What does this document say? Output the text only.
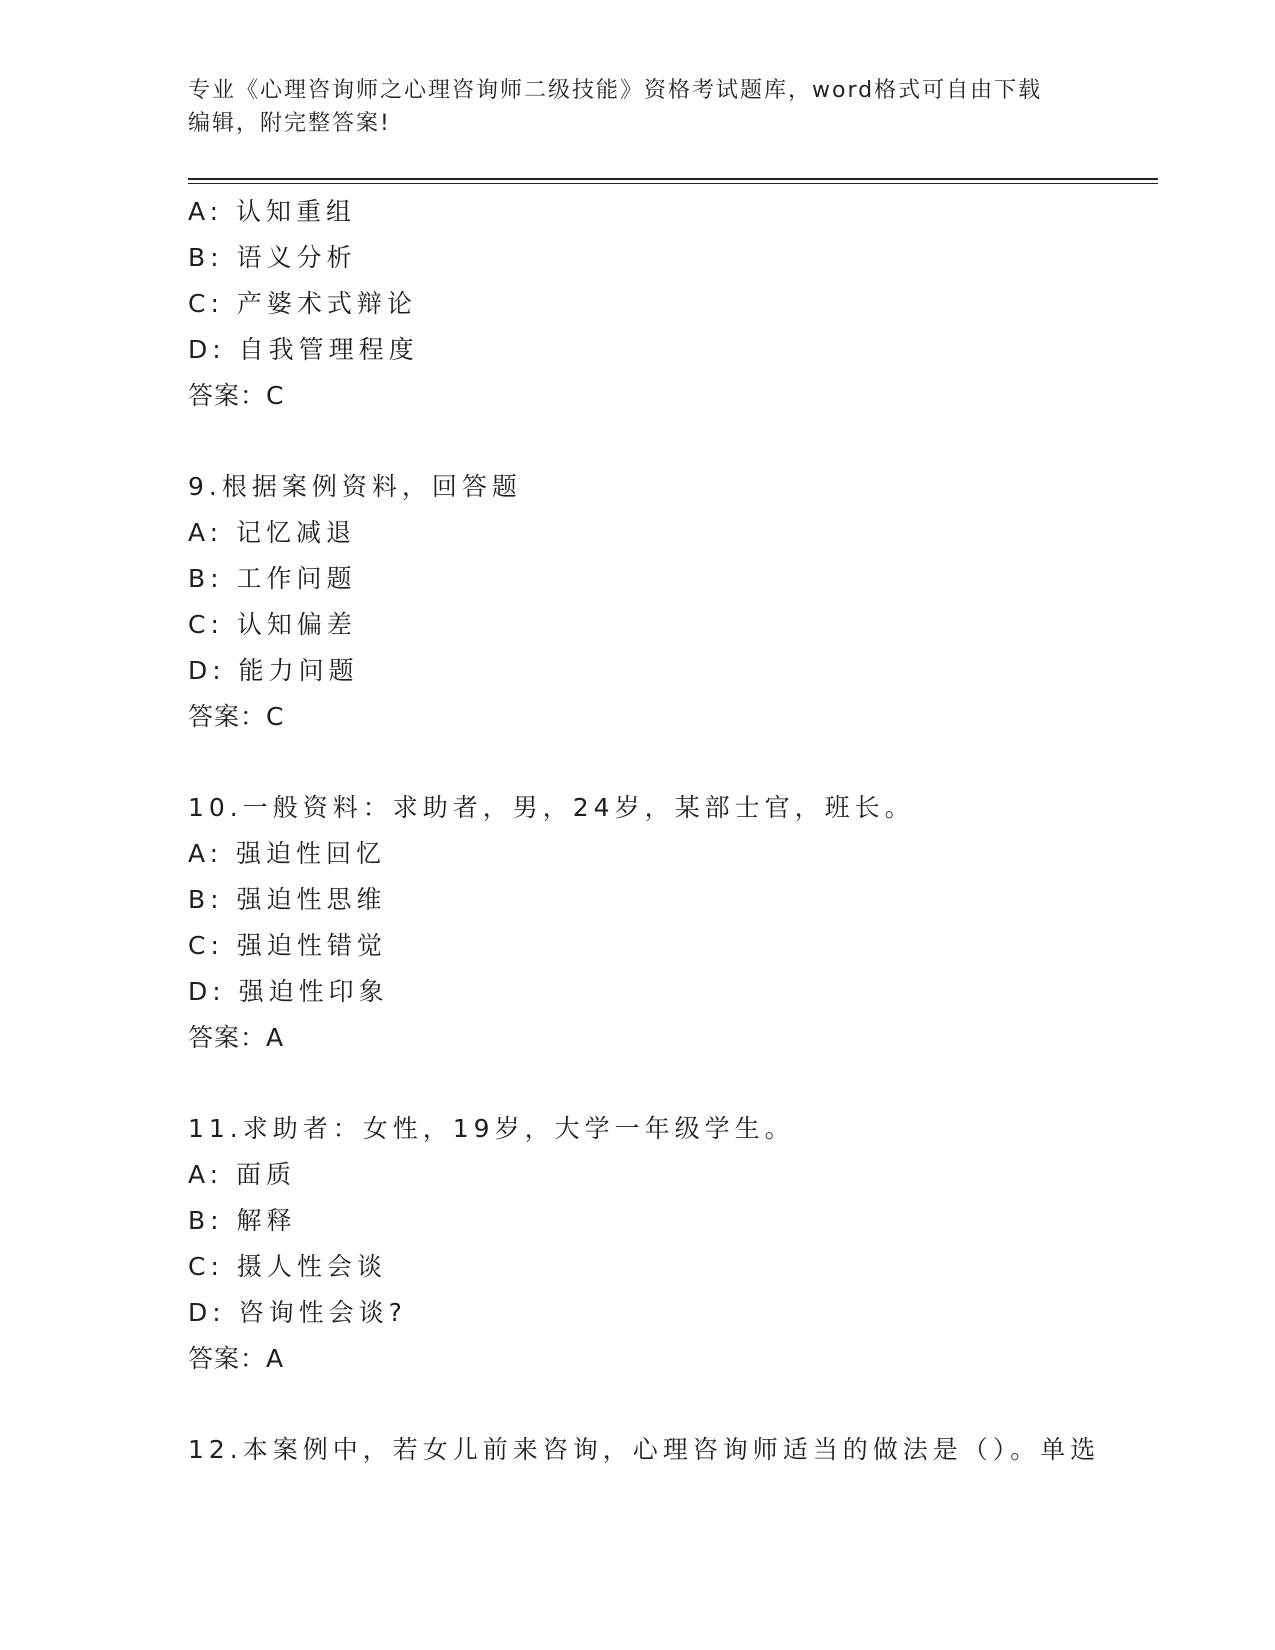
专业《心理咨询师之心理咨询师二级技能》资格考试题库，word格式可自由下载
编辑，附完整答案!
A: 认知重组
B: 语义分析
C: 产婆术式辩论
D: 自我管理程度
答案：C
9.根据案例资料，回答题
A: 记忆减退
B: 工作问题
C: 认知偏差
D: 能力问题
答案：C
10.一般资料：求助者，男，24岁，某部士官，班长。
A: 强迫性回忆
B: 强迫性思维
C: 强迫性错觉
D: 强迫性印象
答案：A
11.求助者：女性，19岁，大学一年级学生。
A: 面质
B: 解释
C: 摄人性会谈
D: 咨询性会谈?
答案：A
12.本案例中，若女儿前来咨询，心理咨询师适当的做法是（）。单选
